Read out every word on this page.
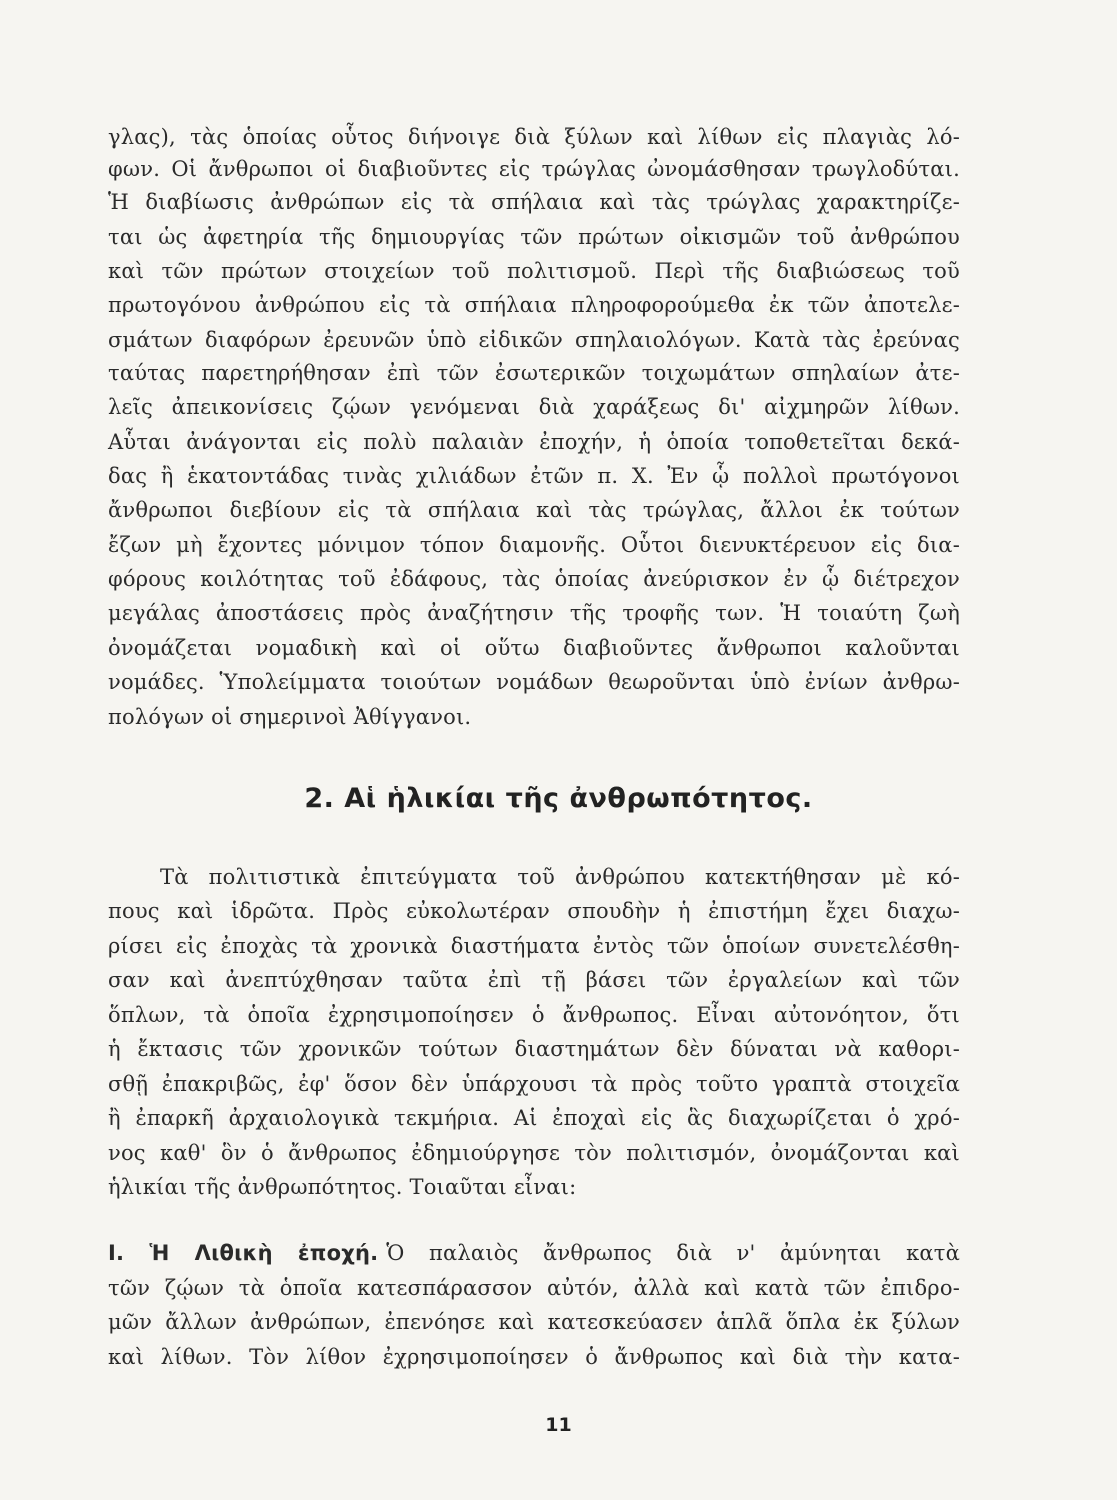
γλας), τὰς ὁποίας οὗτος διήνοιγε διὰ ξύλων καὶ λίθων εἰς πλαγιὰς λό-
φων. Οἱ ἄνθρωποι οἱ διαβιοῦντες εἰς τρώγλας ὠνομάσθησαν τρωγλοδύται.
Ἡ διαβίωσις ἀνθρώπων εἰς τὰ σπήλαια καὶ τὰς τρώγλας χαρακτηρίζε-
ται ὡς ἀφετηρία τῆς δημιουργίας τῶν πρώτων οἰκισμῶν τοῦ ἀνθρώπου
καὶ τῶν πρώτων στοιχείων τοῦ πολιτισμοῦ. Περὶ τῆς διαβιώσεως τοῦ
πρωτογόνου ἀνθρώπου εἰς τὰ σπήλαια πληροφορούμεθα ἐκ τῶν ἀποτελε-
σμάτων διαφόρων ἐρευνῶν ὑπὸ εἰδικῶν σπηλαιολόγων. Κατὰ τὰς ἐρεύνας
ταύτας παρετηρήθησαν ἐπὶ τῶν ἐσωτερικῶν τοιχωμάτων σπηλαίων ἀτε-
λεῖς ἀπεικονίσεις ζῴων γενόμεναι διὰ χαράξεως δι' αἰχμηρῶν λίθων.
Αὗται ἀνάγονται εἰς πολὺ παλαιὰν ἐποχήν, ἡ ὁποία τοποθετεῖται δεκά-
δας ἢ ἑκατοντάδας τινὰς χιλιάδων ἐτῶν π. Χ. Ἐν ᾧ πολλοὶ πρωτόγονοι
ἄνθρωποι διεβίουν εἰς τὰ σπήλαια καὶ τὰς τρώγλας, ἄλλοι ἐκ τούτων
ἔζων μὴ ἔχοντες μόνιμον τόπον διαμονῆς. Οὗτοι διενυκτέρευον εἰς δια-
φόρους κοιλότητας τοῦ ἐδάφους, τὰς ὁποίας ἀνεύρισκον ἐν ᾧ διέτρεχον
μεγάλας ἀποστάσεις πρὸς ἀναζήτησιν τῆς τροφῆς των. Ἡ τοιαύτη ζωὴ
ὀνομάζεται νομαδικὴ καὶ οἱ οὕτω διαβιοῦντες ἄνθρωποι καλοῦνται
νομάδες. Ὑπολείμματα τοιούτων νομάδων θεωροῦνται ὑπὸ ἐνίων ἀνθρω-
πολόγων οἱ σημερινοὶ Ἀθίγγανοι.
2. Αἱ ἡλικίαι τῆς ἀνθρωπότητος.
Τὰ πολιτιστικὰ ἐπιτεύγματα τοῦ ἀνθρώπου κατεκτήθησαν μὲ κό-
πους καὶ ἱδρῶτα. Πρὸς εὐκολωτέραν σπουδὴν ἡ ἐπιστήμη ἔχει διαχω-
ρίσει εἰς ἐποχὰς τὰ χρονικὰ διαστήματα ἐντὸς τῶν ὁποίων συνετελέσθη-
σαν καὶ ἀνεπτύχθησαν ταῦτα ἐπὶ τῇ βάσει τῶν ἐργαλείων καὶ τῶν
ὅπλων, τὰ ὁποῖα ἐχρησιμοποίησεν ὁ ἄνθρωπος. Εἶναι αὐτονόητον, ὅτι
ἡ ἔκτασις τῶν χρονικῶν τούτων διαστημάτων δὲν δύναται νὰ καθορι-
σθῇ ἐπακριβῶς, ἐφ' ὅσον δὲν ὑπάρχουσι τὰ πρὸς τοῦτο γραπτὰ στοιχεῖα
ἢ ἐπαρκῆ ἀρχαιολογικὰ τεκμήρια. Αἱ ἐποχαὶ εἰς ἃς διαχωρίζεται ὁ χρό-
νος καθ' ὃν ὁ ἄνθρωπος ἐδημιούργησε τὸν πολιτισμόν, ὀνομάζονται καὶ
ἡλικίαι τῆς ἀνθρωπότητος. Τοιαῦται εἶναι:
I. Ἡ Λιθικὴ ἐποχή. Ὁ παλαιὸς ἄνθρωπος διὰ ν' ἀμύνηται κατὰ
τῶν ζῴων τὰ ὁποῖα κατεσπάρασσον αὐτόν, ἀλλὰ καὶ κατὰ τῶν ἐπιδρο-
μῶν ἄλλων ἀνθρώπων, ἐπενόησε καὶ κατεσκεύασεν ἁπλᾶ ὅπλα ἐκ ξύλων
καὶ λίθων. Τὸν λίθον ἐχρησιμοποίησεν ὁ ἄνθρωπος καὶ διὰ τὴν κατα-
11
